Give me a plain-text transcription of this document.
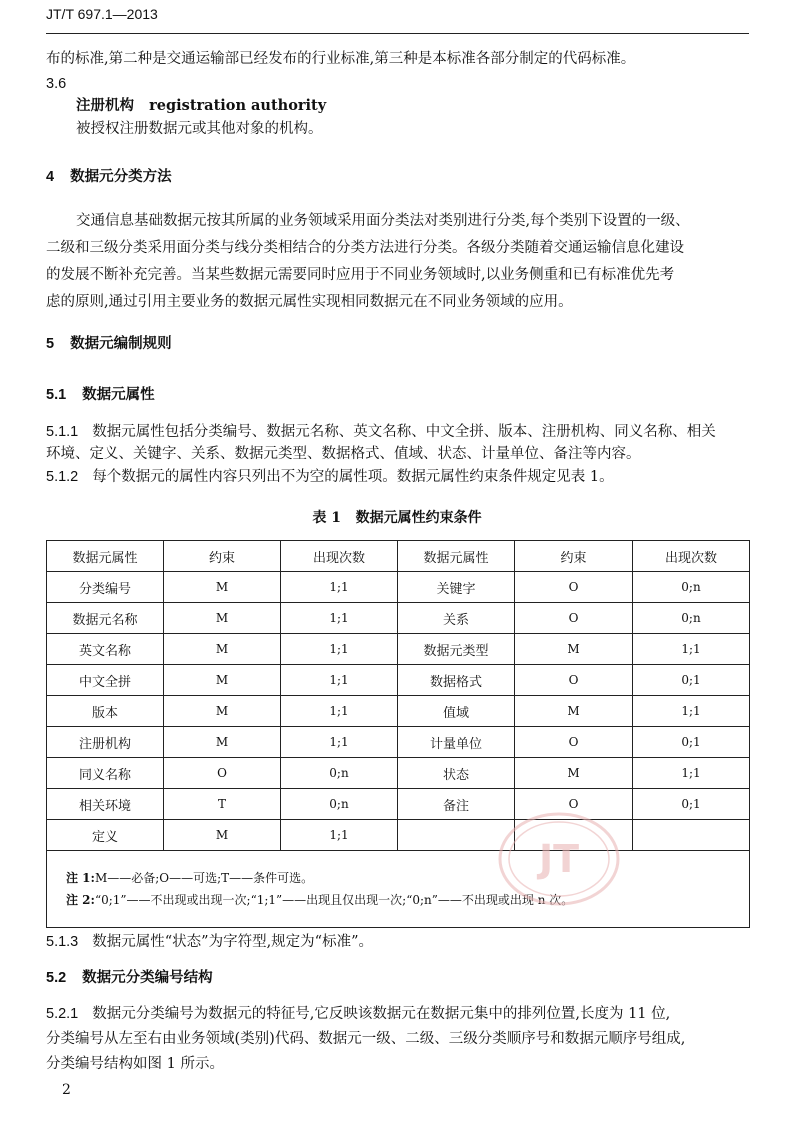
JT/T 697.1—2013
布的标准,第二种是交通运输部已经发布的行业标准,第三种是本标准各部分制定的代码标准。
3.6
注册机构 registration authority
被授权注册数据元或其他对象的机构。
4 数据元分类方法
交通信息基础数据元按其所属的业务领域采用面分类法对类别进行分类,每个类别下设置的一级、
二级和三级分类采用面分类与线分类相结合的分类方法进行分类。各级分类随着交通运输信息化建设
的发展不断补充完善。当某些数据元需要同时应用于不同业务领域时,以业务侧重和已有标准优先考
虑的原则,通过引用主要业务的数据元属性实现相同数据元在不同业务领域的应用。
5 数据元编制规则
5.1 数据元属性
5.1.1 数据元属性包括分类编号、数据元名称、英文名称、中文全拼、版本、注册机构、同义名称、相关
环境、定义、关键字、关系、数据元类型、数据格式、值域、状态、计量单位、备注等内容。
5.1.2 每个数据元的属性内容只列出不为空的属性项。数据元属性约束条件规定见表 1。
表 1   数据元属性约束条件
数据元属性	约束	出现次数	数据元属性	约束	出现次数
分类编号	M	1;1	关键字	O	0;n
数据元名称	M	1;1	关系	O	0;n
英文名称	M	1;1	数据元类型	M	1;1
中文全拼	M	1;1	数据格式	O	0;1
版本	M	1;1	值域	M	1;1
注册机构	M	1;1	计量单位	O	0;1
同义名称	O	0;n	状态	M	1;1
相关环境	T	0;n	备注	O	0;1
定义	M	1;1			

注 1:M——必备;O——可选;T——条件可选。
注 2:“0;1”——不出现或出现一次;“1;1”——出现且仅出现一次;“0;n”——不出现或出现 n 次。					
JT
5.1.3 数据元属性“状态”为字符型,规定为“标准”。
5.2 数据元分类编号结构
5.2.1 数据元分类编号为数据元的特征号,它反映该数据元在数据元集中的排列位置,长度为 11 位,
分类编号从左至右由业务领域(类别)代码、数据元一级、二级、三级分类顺序号和数据元顺序号组成,
分类编号结构如图 1 所示。
2
